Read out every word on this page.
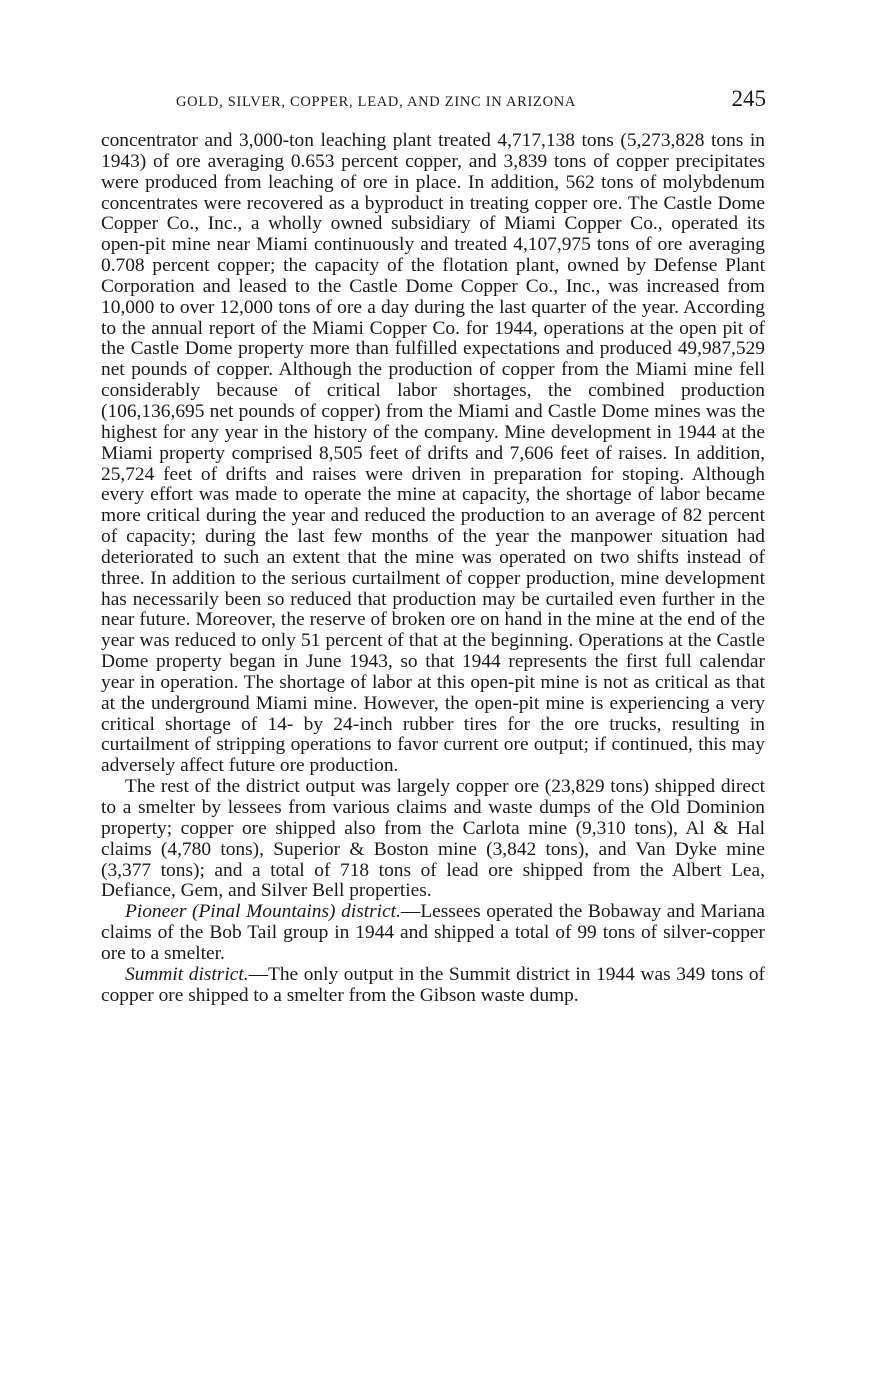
GOLD, SILVER, COPPER, LEAD, AND ZINC IN ARIZONA	245

concentrator and 3,000-ton leaching plant treated 4,717,138 tons (5,273,828 tons in 1943) of ore averaging 0.653 percent copper, and 3,839 tons of copper precipitates were produced from leaching of ore in place. In addition, 562 tons of molybdenum concentrates were recovered as a byproduct in treating copper ore. The Castle Dome Copper Co., Inc., a wholly owned subsidiary of Miami Copper Co., operated its open-pit mine near Miami continuously and treated 4,107,975 tons of ore averaging 0.708 percent copper; the capacity of the flotation plant, owned by Defense Plant Corporation and leased to the Castle Dome Copper Co., Inc., was increased from 10,000 to over 12,000 tons of ore a day during the last quarter of the year. According to the annual report of the Miami Copper Co. for 1944, operations at the open pit of the Castle Dome property more than fulfilled expectations and produced 49,987,529 net pounds of copper. Although the production of copper from the Miami mine fell considerably because of critical labor shortages, the combined production (106,136,695 net pounds of copper) from the Miami and Castle Dome mines was the highest for any year in the history of the company. Mine development in 1944 at the Miami property comprised 8,505 feet of drifts and 7,606 feet of raises. In addition, 25,724 feet of drifts and raises were driven in preparation for stoping. Although every effort was made to operate the mine at capacity, the shortage of labor became more critical during the year and reduced the production to an average of 82 percent of capacity; during the last few months of the year the manpower situation had deteriorated to such an extent that the mine was operated on two shifts instead of three. In addition to the serious curtailment of copper production, mine development has necessarily been so reduced that production may be curtailed even further in the near future. Moreover, the reserve of broken ore on hand in the mine at the end of the year was reduced to only 51 percent of that at the beginning. Operations at the Castle Dome property began in June 1943, so that 1944 represents the first full calendar year in operation. The shortage of labor at this open-pit mine is not as critical as that at the underground Miami mine. However, the open-pit mine is experiencing a very critical shortage of 14- by 24-inch rubber tires for the ore trucks, resulting in curtailment of stripping operations to favor current ore output; if continued, this may adversely affect future ore production.

The rest of the district output was largely copper ore (23,829 tons) shipped direct to a smelter by lessees from various claims and waste dumps of the Old Dominion property; copper ore shipped also from the Carlota mine (9,310 tons), Al & Hal claims (4,780 tons), Superior & Boston mine (3,842 tons), and Van Dyke mine (3,377 tons); and a total of 718 tons of lead ore shipped from the Albert Lea, Defiance, Gem, and Silver Bell properties.

Pioneer (Pinal Mountains) district.—Lessees operated the Bobaway and Mariana claims of the Bob Tail group in 1944 and shipped a total of 99 tons of silver-copper ore to a smelter.

Summit district.—The only output in the Summit district in 1944 was 349 tons of copper ore shipped to a smelter from the Gibson waste dump.
